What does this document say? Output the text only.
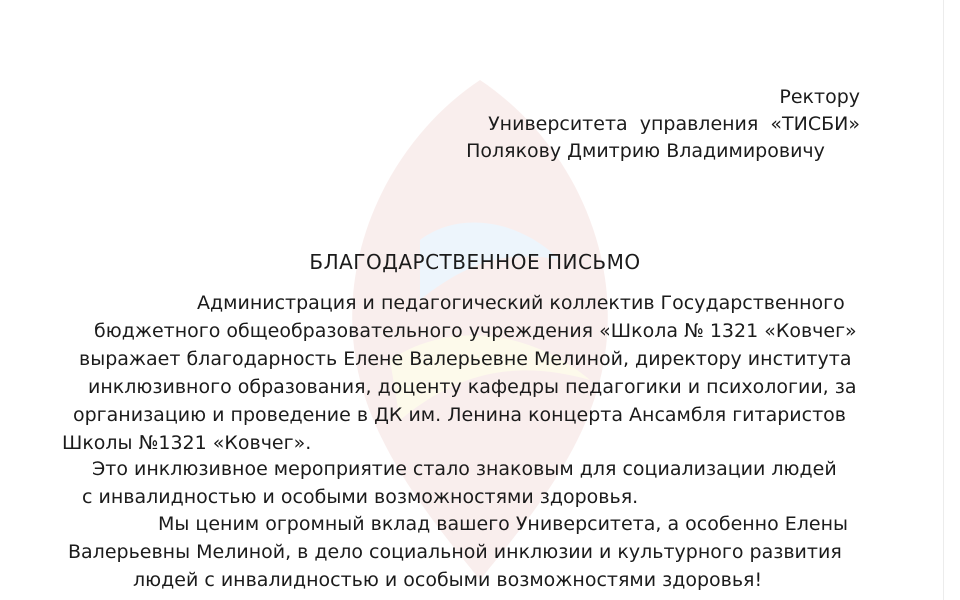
Ректору
Университета  управления  «ТИСБИ»
Полякову Дмитрию Владимировичу
БЛАГОДАРСТВЕННОЕ ПИСЬМО
Администрация и педагогический коллектив Государственного
бюджетного общеобразовательного учреждения «Школа № 1321 «Ковчег»
выражает благодарность Елене Валерьевне Мелиной, директору института
инклюзивного образования, доценту кафедры педагогики и психологии, за
организацию и проведение в ДК им. Ленина концерта Ансамбля гитаристов
Школы №1321 «Ковчег».
Это инклюзивное мероприятие стало знаковым для социализации людей
с инвалидностью и особыми возможностями здоровья.
Мы ценим огромный вклад вашего Университета, а особенно Елены
Валерьевны Мелиной, в дело социальной инклюзии и культурного развития
людей с инвалидностью и особыми возможностями здоровья!
